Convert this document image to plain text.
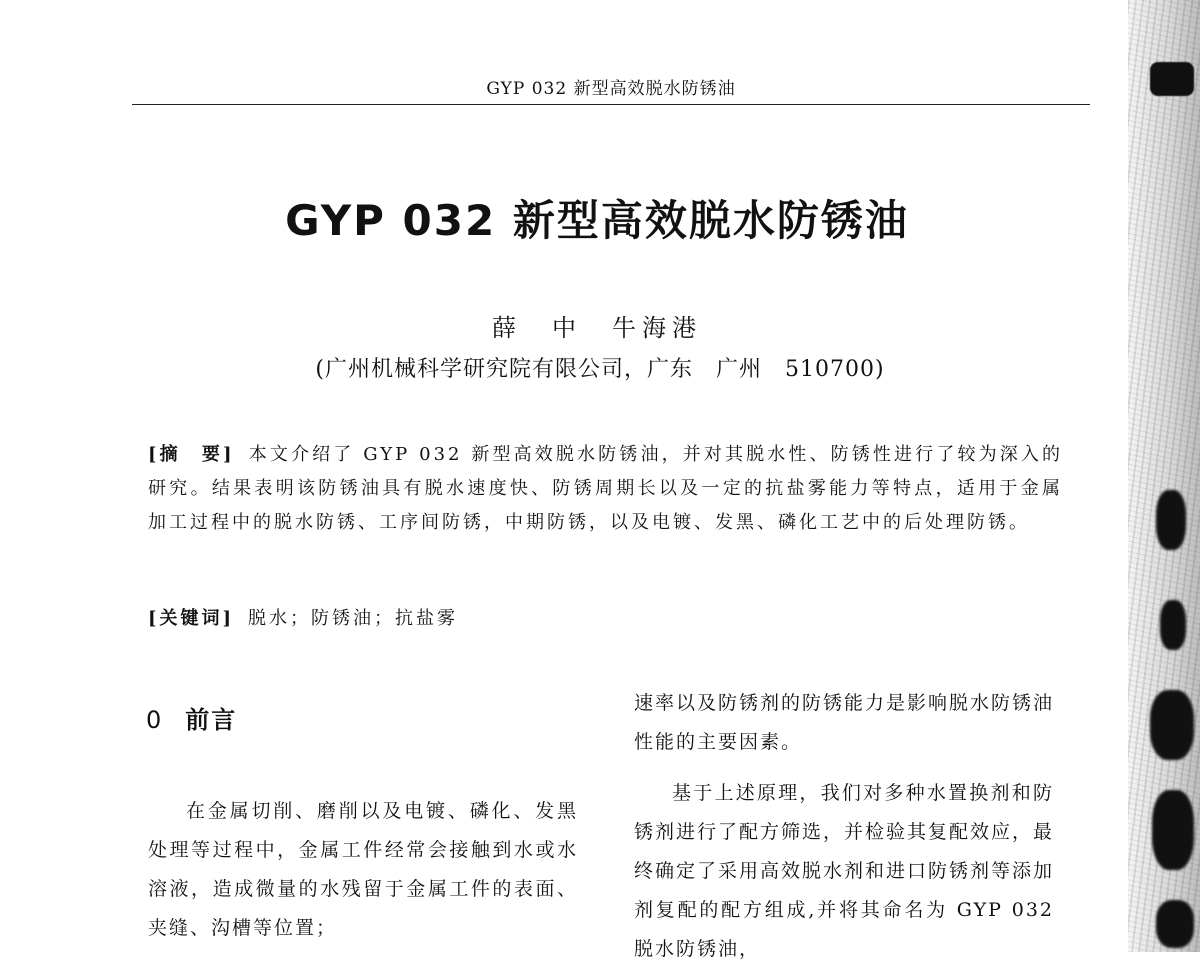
GYP 032 新型高效脱水防锈油
GYP 032 新型高效脱水防锈油
薛　中　牛海港
(广州机械科学研究院有限公司，广东　广州　510700)
[摘　要] 本文介绍了 GYP 032 新型高效脱水防锈油，并对其脱水性、防锈性进行了较为深入的研究。结果表明该防锈油具有脱水速度快、防锈周期长以及一定的抗盐雾能力等特点，适用于金属加工过程中的脱水防锈、工序间防锈，中期防锈，以及电镀、发黑、磷化工艺中的后处理防锈。
[关键词] 脱水；防锈油；抗盐雾
0 前言

在金属切削、磨削以及电镀、磷化、发黑处理等过程中，金属工件经常会接触到水或水溶液，造成微量的水残留于金属工件的表面、夹缝、沟槽等位置；

速率以及防锈剂的防锈能力是影响脱水防锈油性能的主要因素。

基于上述原理，我们对多种水置换剂和防锈剂进行了配方筛选，并检验其复配效应，最终确定了采用高效脱水剂和进口防锈剂等添加剂复配的配方组成,并将其命名为 GYP 032 脱水防锈油，
